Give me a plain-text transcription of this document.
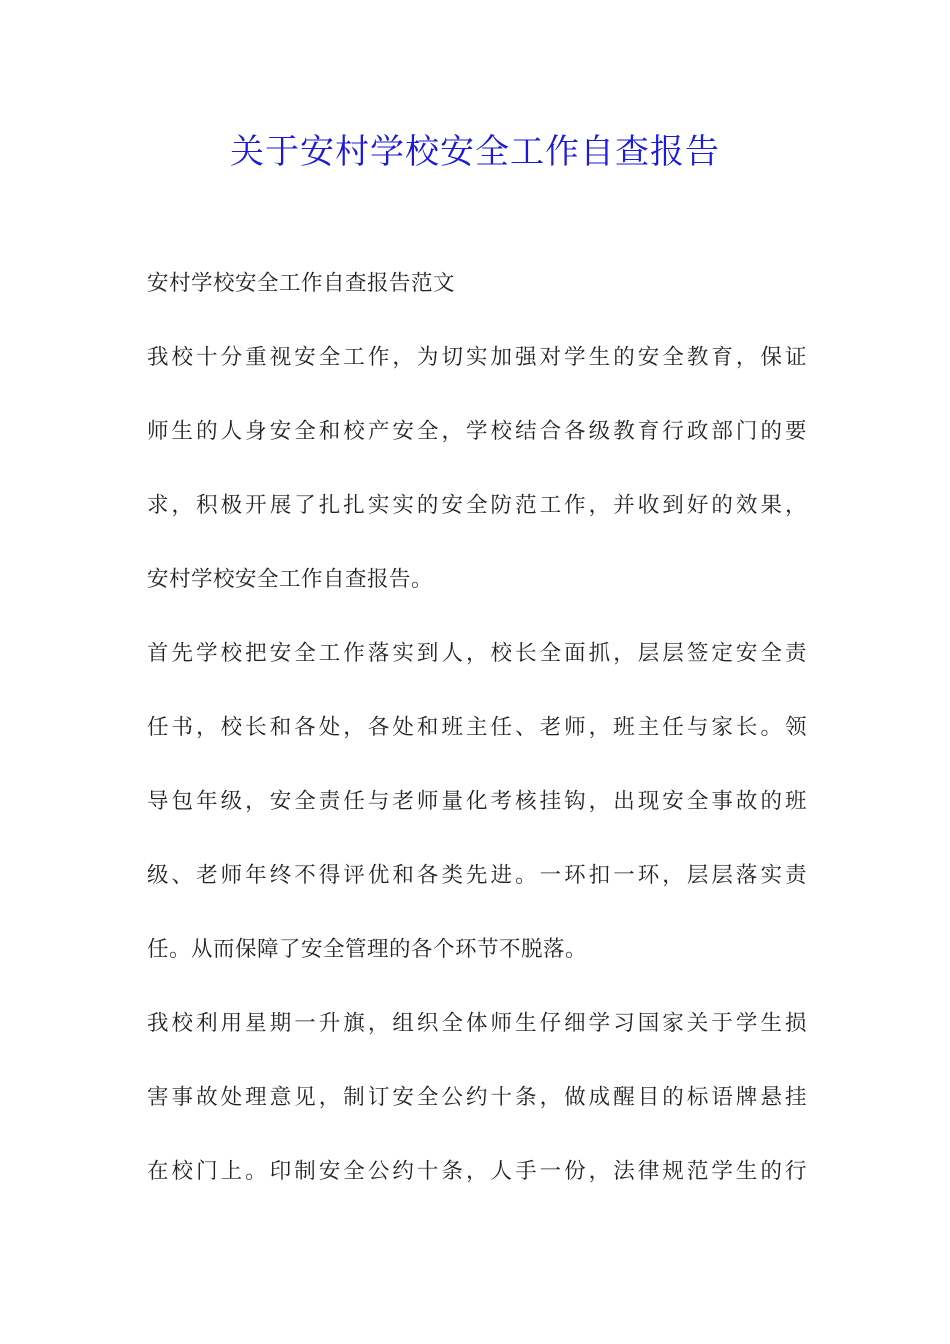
关于安村学校安全工作自查报告
安村学校安全工作自查报告范文
我校十分重视安全工作，为切实加强对学生的安全教育，保证
师生的人身安全和校产安全，学校结合各级教育行政部门的要
求，积极开展了扎扎实实的安全防范工作，并收到好的效果，
安村学校安全工作自查报告。
首先学校把安全工作落实到人，校长全面抓，层层签定安全责
任书，校长和各处，各处和班主任、老师，班主任与家长。领
导包年级，安全责任与老师量化考核挂钩，出现安全事故的班
级、老师年终不得评优和各类先进。一环扣一环，层层落实责
任。从而保障了安全管理的各个环节不脱落。
我校利用星期一升旗，组织全体师生仔细学习国家关于学生损
害事故处理意见，制订安全公约十条，做成醒目的标语牌悬挂
在校门上。印制安全公约十条，人手一份，法律规范学生的行
